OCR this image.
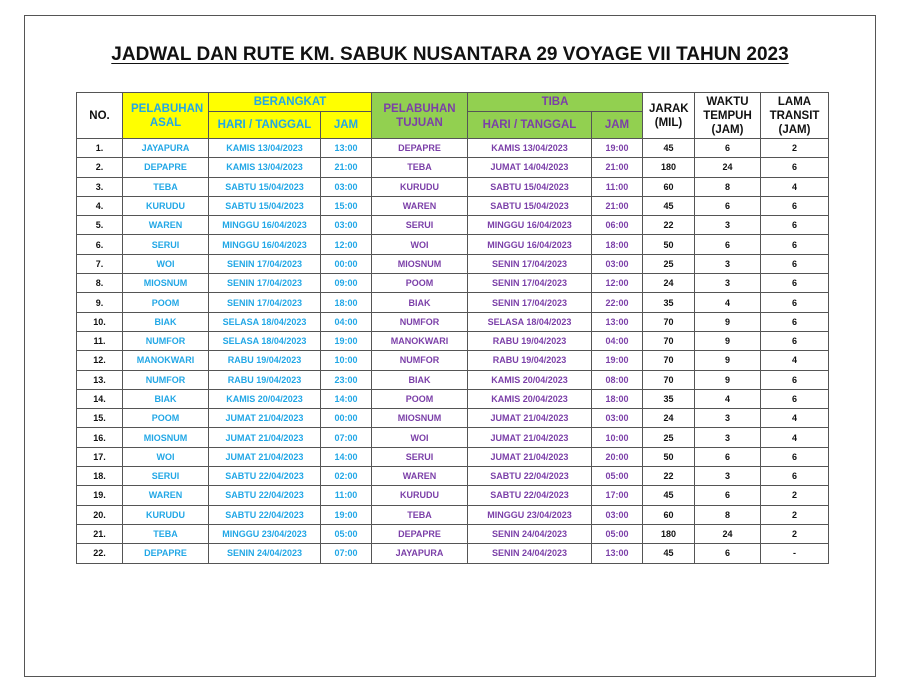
JADWAL DAN RUTE KM. SABUK NUSANTARA 29 VOYAGE VII TAHUN 2023
NO.	PELABUHAN ASAL	BERANGKAT		PELABUHAN TUJUAN	TIBA		JARAK (MIL)	WAKTU TEMPUH (JAM)	LAMA TRANSIT (JAM)
		HARI / TANGGAL	JAM		HARI / TANGGAL	JAM			
1.	JAYAPURA	KAMIS 13/04/2023	13:00	DEPAPRE	KAMIS 13/04/2023	19:00	45	6	2
2.	DEPAPRE	KAMIS 13/04/2023	21:00	TEBA	JUMAT 14/04/2023	21:00	180	24	6
3.	TEBA	SABTU 15/04/2023	03:00	KURUDU	SABTU 15/04/2023	11:00	60	8	4
4.	KURUDU	SABTU 15/04/2023	15:00	WAREN	SABTU 15/04/2023	21:00	45	6	6
5.	WAREN	MINGGU 16/04/2023	03:00	SERUI	MINGGU 16/04/2023	06:00	22	3	6
6.	SERUI	MINGGU 16/04/2023	12:00	WOI	MINGGU 16/04/2023	18:00	50	6	6
7.	WOI	SENIN 17/04/2023	00:00	MIOSNUM	SENIN 17/04/2023	03:00	25	3	6
8.	MIOSNUM	SENIN 17/04/2023	09:00	POOM	SENIN 17/04/2023	12:00	24	3	6
9.	POOM	SENIN 17/04/2023	18:00	BIAK	SENIN 17/04/2023	22:00	35	4	6
10.	BIAK	SELASA 18/04/2023	04:00	NUMFOR	SELASA 18/04/2023	13:00	70	9	6
11.	NUMFOR	SELASA 18/04/2023	19:00	MANOKWARI	RABU 19/04/2023	04:00	70	9	6
12.	MANOKWARI	RABU 19/04/2023	10:00	NUMFOR	RABU 19/04/2023	19:00	70	9	4
13.	NUMFOR	RABU 19/04/2023	23:00	BIAK	KAMIS 20/04/2023	08:00	70	9	6
14.	BIAK	KAMIS 20/04/2023	14:00	POOM	KAMIS 20/04/2023	18:00	35	4	6
15.	POOM	JUMAT 21/04/2023	00:00	MIOSNUM	JUMAT 21/04/2023	03:00	24	3	4
16.	MIOSNUM	JUMAT 21/04/2023	07:00	WOI	JUMAT 21/04/2023	10:00	25	3	4
17.	WOI	JUMAT 21/04/2023	14:00	SERUI	JUMAT 21/04/2023	20:00	50	6	6
18.	SERUI	SABTU 22/04/2023	02:00	WAREN	SABTU 22/04/2023	05:00	22	3	6
19.	WAREN	SABTU 22/04/2023	11:00	KURUDU	SABTU 22/04/2023	17:00	45	6	2
20.	KURUDU	SABTU 22/04/2023	19:00	TEBA	MINGGU 23/04/2023	03:00	60	8	2
21.	TEBA	MINGGU 23/04/2023	05:00	DEPAPRE	SENIN 24/04/2023	05:00	180	24	2
22.	DEPAPRE	SENIN 24/04/2023	07:00	JAYAPURA	SENIN 24/04/2023	13:00	45	6	-
